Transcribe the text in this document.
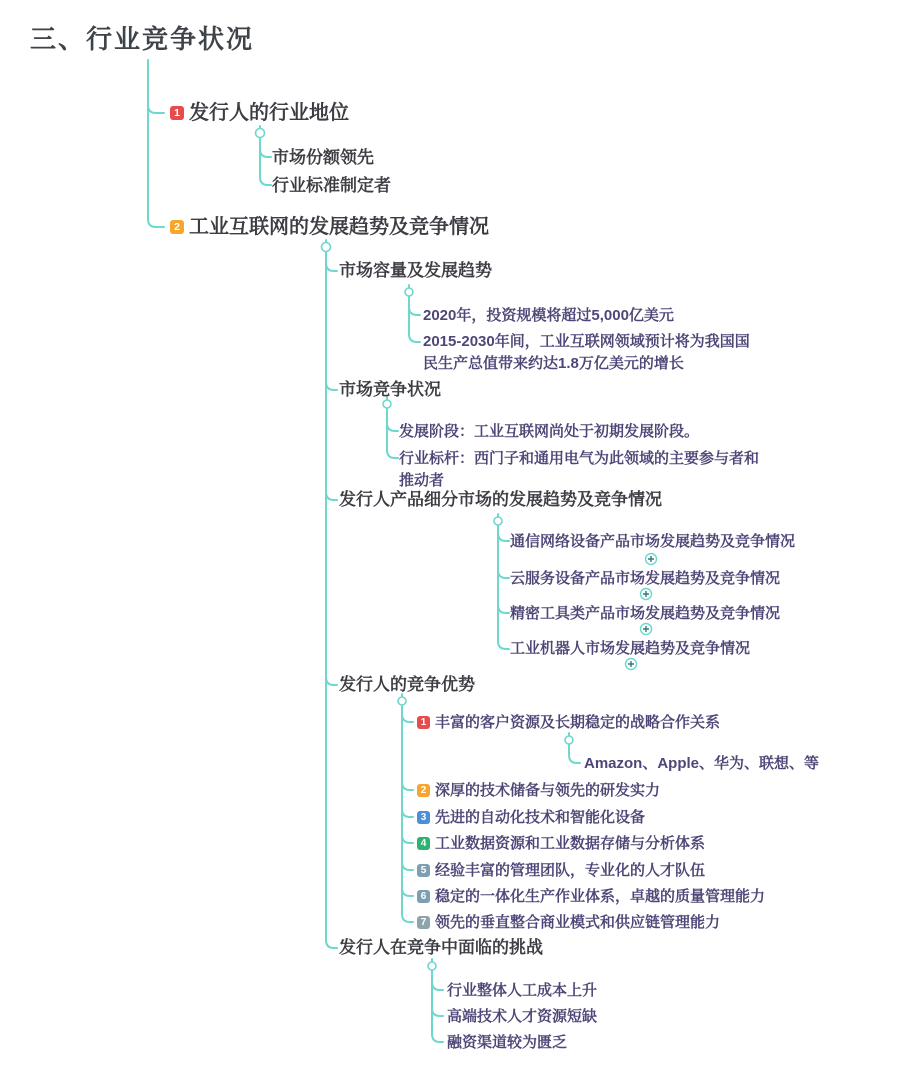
三、行业竞争状况
1 发行人的行业地位
市场份额领先
行业标准制定者
2 工业互联网的发展趋势及竞争情况
市场容量及发展趋势
2020年，投资规模将超过5,000亿美元
2015-2030年间，工业互联网领域预计将为我国国民生产总值带来约达1.8万亿美元的增长
市场竞争状况
发展阶段：工业互联网尚处于初期发展阶段。
行业标杆：西门子和通用电气为此领域的主要参与者和推动者
发行人产品细分市场的发展趋势及竞争情况
通信网络设备产品市场发展趋势及竞争情况
云服务设备产品市场发展趋势及竞争情况
精密工具类产品市场发展趋势及竞争情况
工业机器人市场发展趋势及竞争情况
发行人的竞争优势
1 丰富的客户资源及长期稳定的战略合作关系
Amazon、Apple、华为、联想、等
2 深厚的技术储备与领先的研发实力
3 先进的自动化技术和智能化设备
4 工业数据资源和工业数据存储与分析体系
5 经验丰富的管理团队，专业化的人才队伍
6 稳定的一体化生产作业体系，卓越的质量管理能力
7 领先的垂直整合商业模式和供应链管理能力
发行人在竞争中面临的挑战
行业整体人工成本上升
高端技术人才资源短缺
融资渠道较为匮乏
